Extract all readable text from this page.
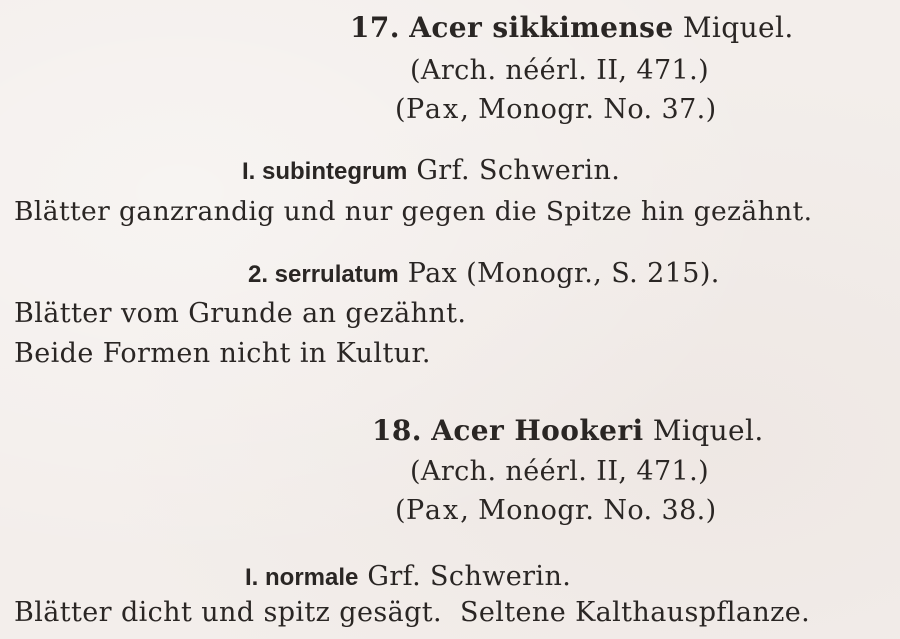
17. Acer sikkimense Miquel.
(Arch. néérl. II, 471.)
(Pax, Monogr. No. 37.)
I. subintegrum Grf. Schwerin.
Blätter ganzrandig und nur gegen die Spitze hin gezähnt.
2. serrulatum Pax (Monogr., S. 215).
Blätter vom Grunde an gezähnt.
Beide Formen nicht in Kultur.
18. Acer Hookeri Miquel.
(Arch. néérl. II, 471.)
(Pax, Monogr. No. 38.)
I. normale Grf. Schwerin.
Blätter dicht und spitz gesägt.  Seltene Kalthauspflanze.
